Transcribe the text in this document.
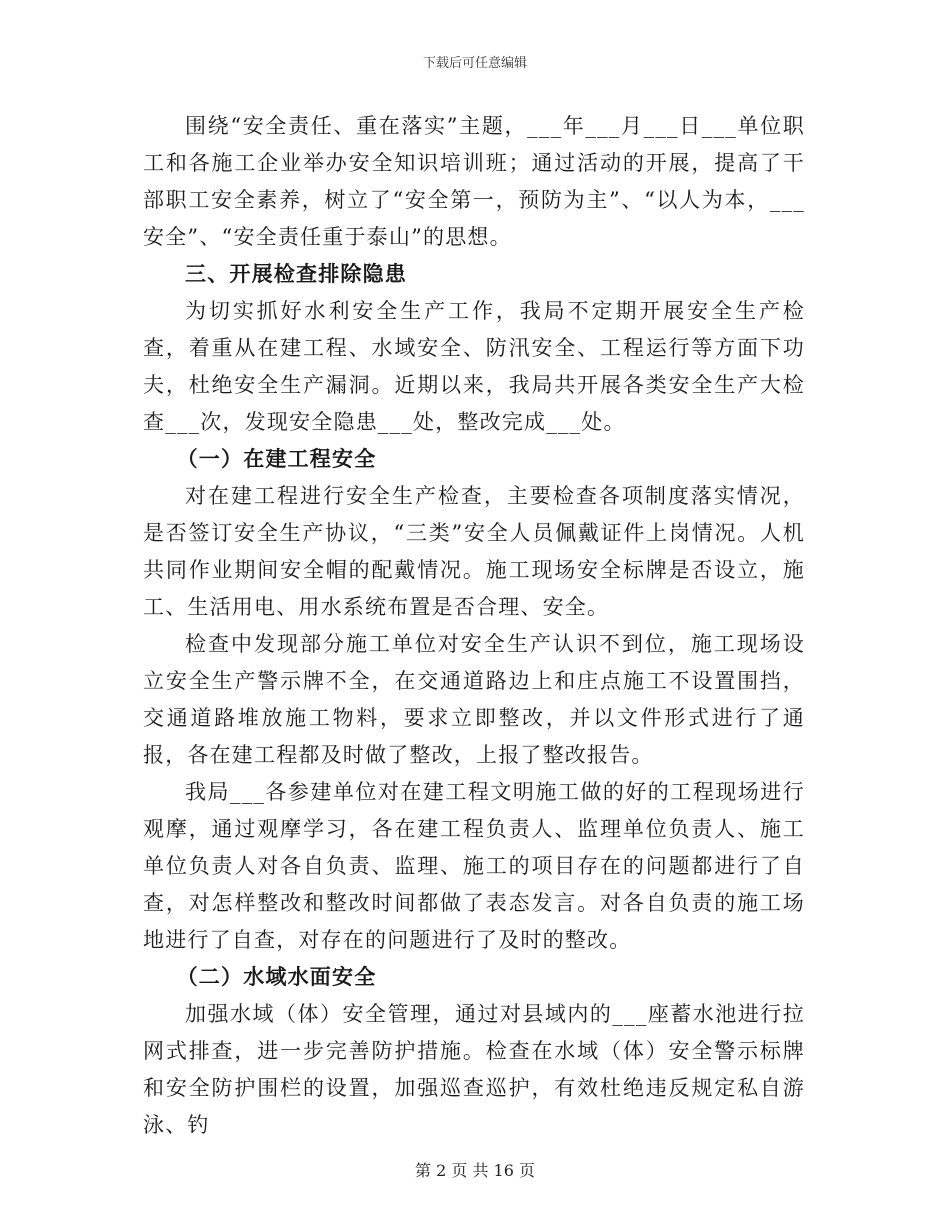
下载后可任意编辑

围绕“安全责任、重在落实”主题，___年___月___日___单位职工和各施工企业举办安全知识培训班；通过活动的开展，提高了干部职工安全素养，树立了“安全第一，预防为主”、“以人为本，___安全”、“安全责任重于泰山”的思想。

三、开展检查排除隐患

为切实抓好水利安全生产工作，我局不定期开展安全生产检查，着重从在建工程、水域安全、防汛安全、工程运行等方面下功夫，杜绝安全生产漏洞。近期以来，我局共开展各类安全生产大检查___次，发现安全隐患___处，整改完成___处。

（一）在建工程安全

对在建工程进行安全生产检查，主要检查各项制度落实情况，是否签订安全生产协议，“三类”安全人员佩戴证件上岗情况。人机共同作业期间安全帽的配戴情况。施工现场安全标牌是否设立，施工、生活用电、用水系统布置是否合理、安全。

检查中发现部分施工单位对安全生产认识不到位，施工现场设立安全生产警示牌不全，在交通道路边上和庄点施工不设置围挡，交通道路堆放施工物料，要求立即整改，并以文件形式进行了通报，各在建工程都及时做了整改，上报了整改报告。

我局___各参建单位对在建工程文明施工做的好的工程现场进行观摩，通过观摩学习，各在建工程负责人、监理单位负责人、施工单位负责人对各自负责、监理、施工的项目存在的问题都进行了自查，对怎样整改和整改时间都做了表态发言。对各自负责的施工场地进行了自查，对存在的问题进行了及时的整改。

（二）水域水面安全

加强水域（体）安全管理，通过对县域内的___座蓄水池进行拉网式排查，进一步完善防护措施。检查在水域（体）安全警示标牌和安全防护围栏的设置，加强巡查巡护，有效杜绝违反规定私自游泳、钓

第 2 页 共 16 页
